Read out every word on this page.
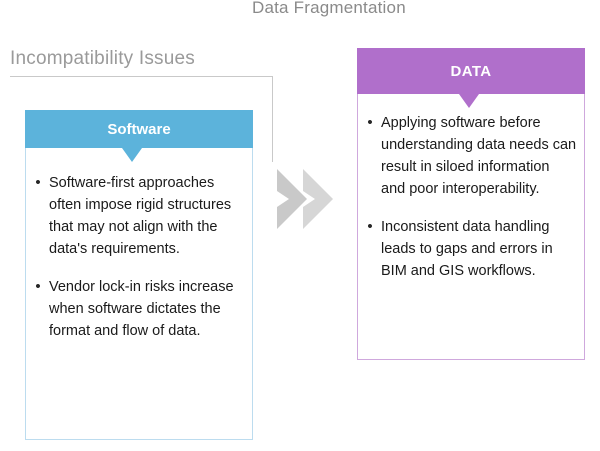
Data Fragmentation
Incompatibility Issues
Software
• Software-first approaches often impose rigid structures that may not align with the data's requirements.
• Vendor lock-in risks increase when software dictates the format and flow of data.
DATA
• Applying software before understanding data needs can result in siloed information and poor interoperability.
• Inconsistent data handling leads to gaps and errors in BIM and GIS workflows.
